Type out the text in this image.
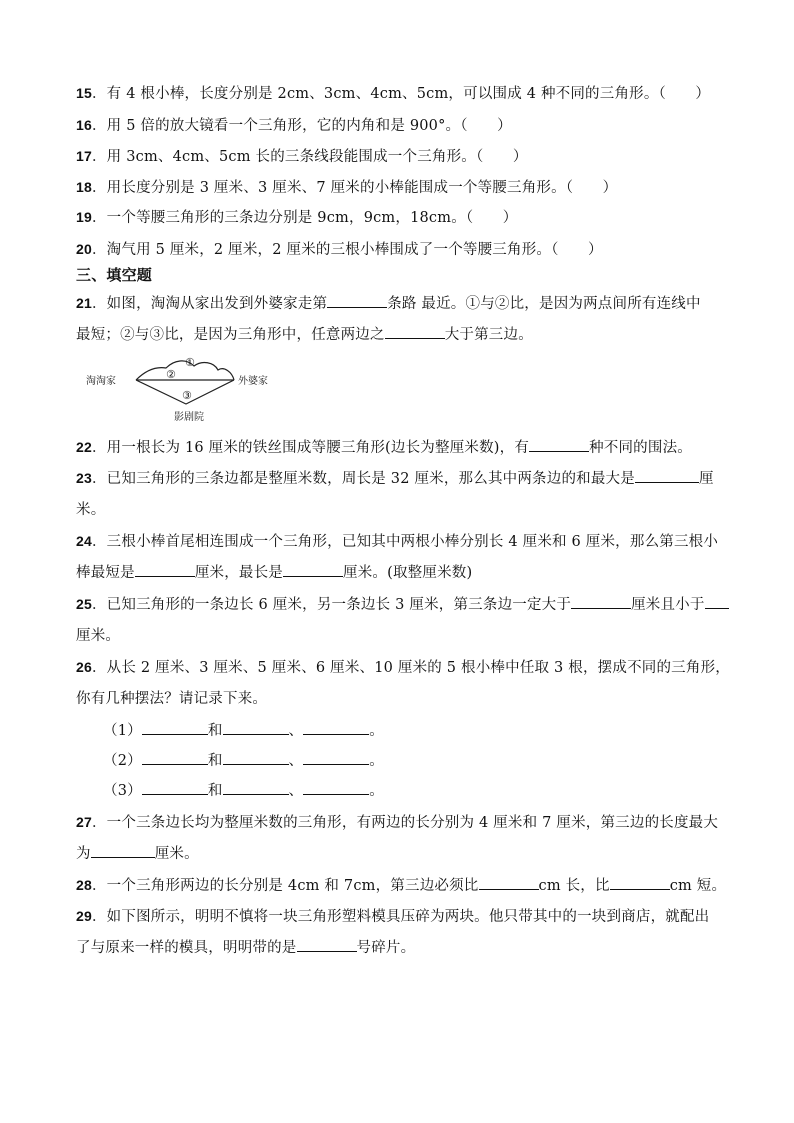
15．有 4 根小棒，长度分别是 2cm、3cm、4cm、5cm，可以围成 4 种不同的三角形。（　　）
16．用 5 倍的放大镜看一个三角形，它的内角和是 900°。（　　）
17．用 3cm、4cm、5cm 长的三条线段能围成一个三角形。（　　）
18．用长度分别是 3 厘米、3 厘米、7 厘米的小棒能围成一个等腰三角形。（　　）
19．一个等腰三角形的三条边分别是 9cm，9cm，18cm。（　　）
20．淘气用 5 厘米，2 厘米，2 厘米的三根小棒围成了一个等腰三角形。（　　）
三、填空题
21．如图，淘淘从家出发到外婆家走第	条路 最近。①与②比，是因为两点间所有连线中
最短；②与③比，是因为三角形中，任意两边之	大于第三边。
淘淘家	外婆家
影剧院
①
②
③
22．用一根长为 16 厘米的铁丝围成等腰三角形(边长为整厘米数)，有	种不同的围法。
23．已知三角形的三条边都是整厘米数，周长是 32 厘米，那么其中两条边的和最大是	厘
米。
24．三根小棒首尾相连围成一个三角形，已知其中两根小棒分别长 4 厘米和 6 厘米，那么第三根小
棒最短是	厘米，最长是	厘米。(取整厘米数)
25．已知三角形的一条边长 6 厘米，另一条边长 3 厘米，第三条边一定大于	厘米且小于
厘米。
26．从长 2 厘米、3 厘米、5 厘米、6 厘米、10 厘米的 5 根小棒中任取 3 根，摆成不同的三角形，
你有几种摆法？请记录下来。
（1）	和	、	。
（2）	和	、	。
（3）	和	、	。
27．一个三条边长均为整厘米数的三角形，有两边的长分别为 4 厘米和 7 厘米，第三边的长度最大
为	厘米。
28．一个三角形两边的长分别是 4cm 和 7cm，第三边必须比	cm 长，比	cm 短。
29．如下图所示，明明不慎将一块三角形塑料模具压碎为两块。他只带其中的一块到商店，就配出
了与原来一样的模具，明明带的是	号碎片。
